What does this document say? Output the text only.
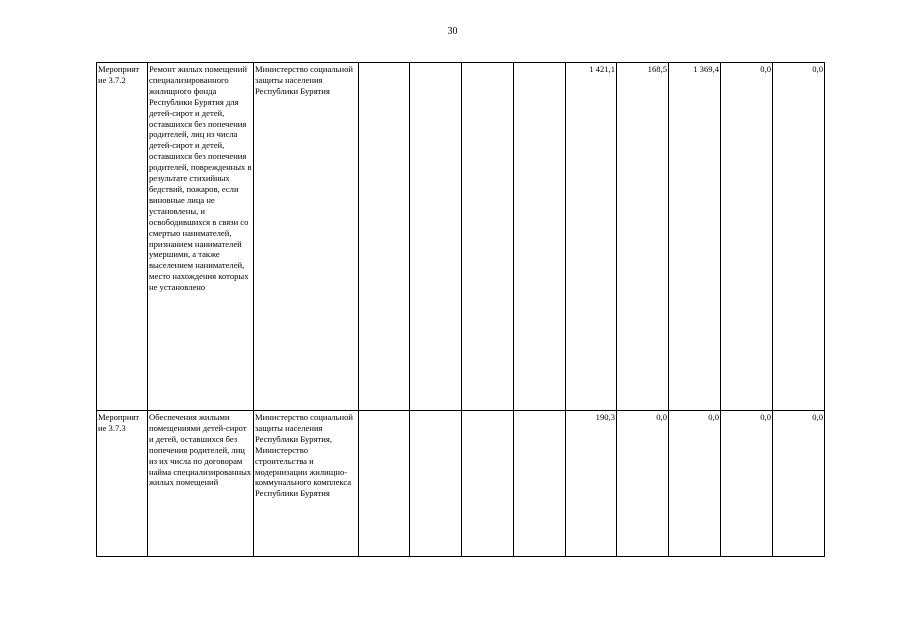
30
Мероприят ие 3.7.2	Ремонт жилых помещений специализированного жилищного фонда Республики Бурятия для детей-сирот и детей, оставшихся без попечения родителей, лиц из числа детей-сирот и детей, оставшихся без попечения родителей, поврежденных в результате стихийных бедствий, пожаров, если виновные лица не установлены, и освободившихся в связи со смертью нанимателей, признанием нанимателей умершими, а также выселением нанимателей, место нахождения которых не установлено	Министерство социальной защиты населения Республики Бурятия					1 421,1	168,5	1 369,4	0,0	0,0
Мероприят ие 3.7.3	Обеспечения жилыми помещениями детей-сирот и детей, оставшихся без попечения родителей, лиц из их числа по договорам найма специализированных жилых помещений	Министерство социальной защиты населения Республики Бурятия, Министерство строительства и модернизации жилищно-коммунального комплекса Республики Бурятия					190,3	0,0	0,0	0,0	0,0
